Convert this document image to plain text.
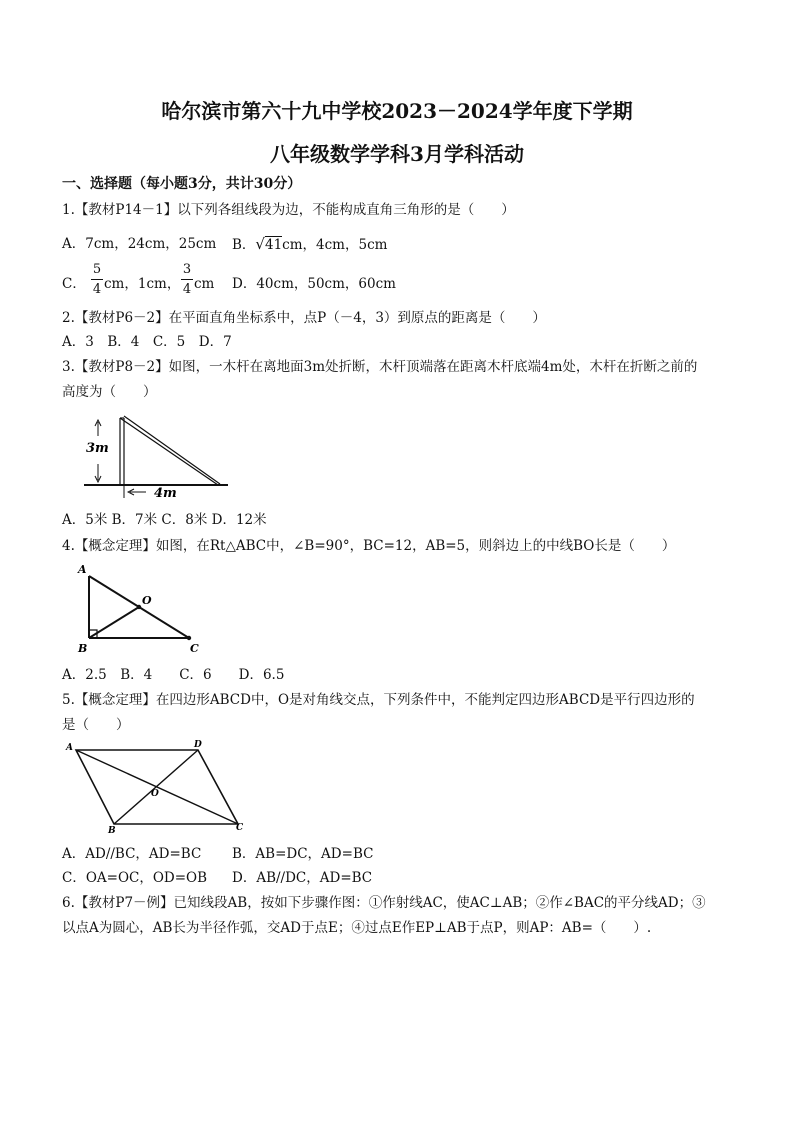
哈尔滨市第六十九中学校2023－2024学年度下学期
八年级数学学科3月学科活动
一、选择题（每小题3分，共计30分）
1.【教材P14－1】以下列各组线段为边，不能构成直角三角形的是（　　）
A．7cm，24cm，25cm B．√41cm，4cm，5cm
C．
5
4 cm，1cm，
3
4 cm D．40cm，50cm，60cm
2.【教材P6－2】在平面直角坐标系中，点P（－4，3）到原点的距离是（　　）
A．3　B．4　C．5　D．7
3.【教材P8－2】如图，一木杆在离地面3m处折断，木杆顶端落在距离木杆底端4m处，木杆在折断之前的
高度为（　　）
3m
4m
A．5米 B．7米 C．8米 D．12米
4.【概念定理】如图，在Rt△ABC中，∠B=90°，BC=12，AB=5，则斜边上的中线BO长是（　　）
A
B	C
O
A．2.5　B．4　　C．6　　D．6.5
5.【概念定理】在四边形ABCD中，O是对角线交点，下列条件中，不能判定四边形ABCD是平行四边形的
是（　　）
A	D
B	C
O
A．AD//BC，AD=BC B．AB=DC，AD=BC
C．OA=OC，OD=OB D．AB//DC，AD=BC
6.【教材P7－例】已知线段AB，按如下步骤作图：①作射线AC，使AC⊥AB；②作∠BAC的平分线AD；③
以点A为圆心，AB长为半径作弧，交AD于点E；④过点E作EP⊥AB于点P，则AP：AB=（　　）.
